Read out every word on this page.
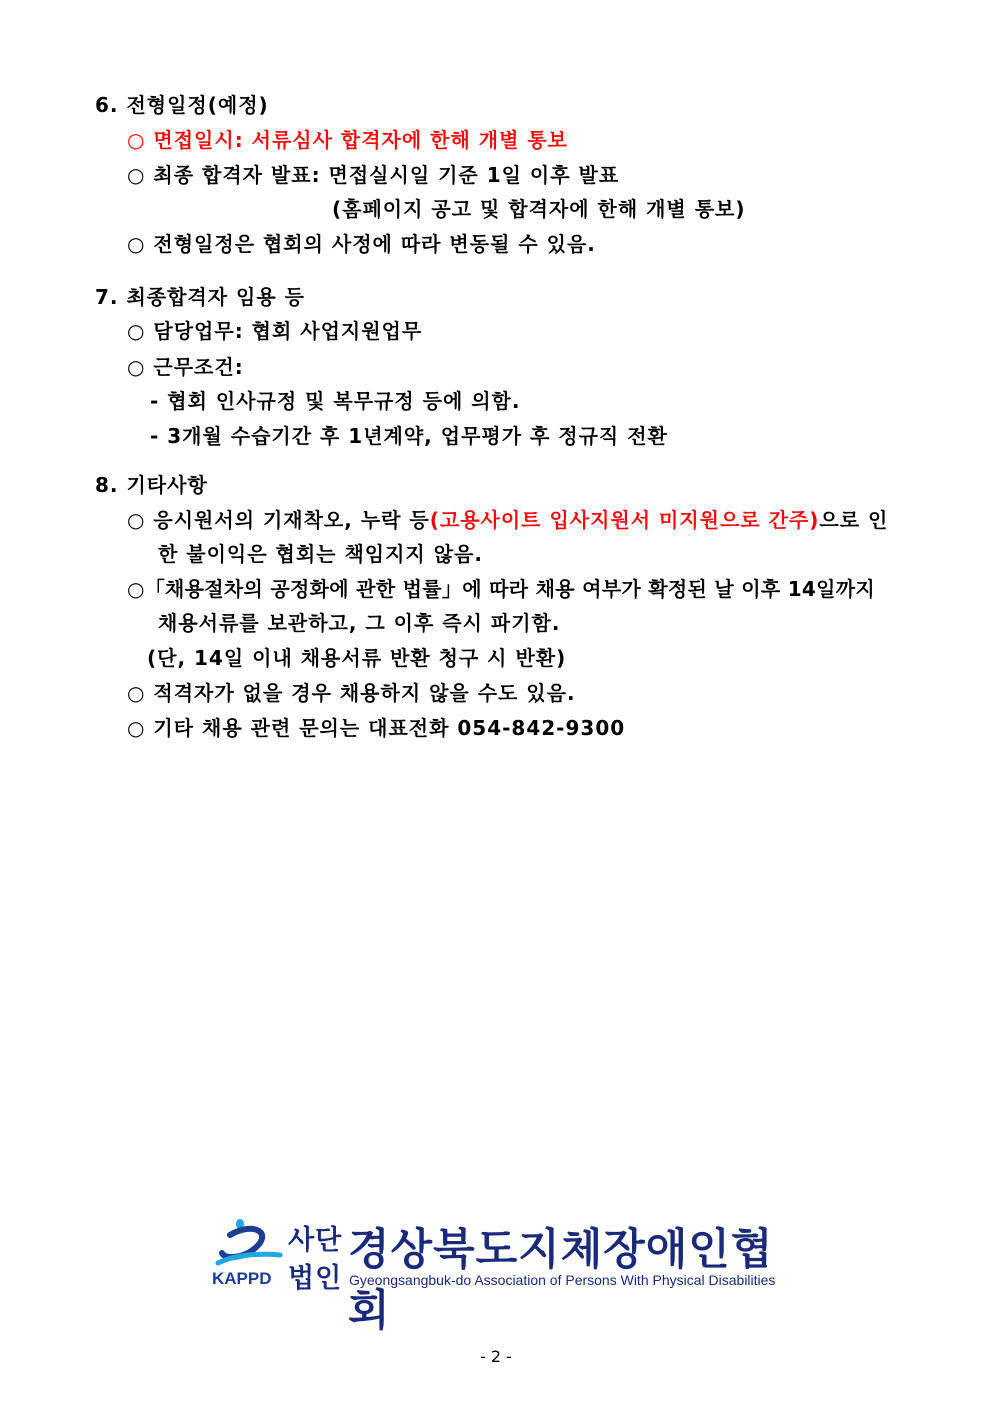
6. 전형일정(예정)
○ 면접일시: 서류심사 합격자에 한해 개별 통보
○ 최종 합격자 발표: 면접실시일 기준 1일 이후 발표
(홈페이지 공고 및 합격자에 한해 개별 통보)
○ 전형일정은 협회의 사정에 따라 변동될 수 있음.
7. 최종합격자 임용 등
○ 담당업무: 협회 사업지원업무
○ 근무조건:
- 협회 인사규정 및 복무규정 등에 의함.
- 3개월 수습기간 후 1년계약, 업무평가 후 정규직 전환
8. 기타사항
○ 응시원서의 기재착오, 누락 등(고용사이트 입사지원서 미지원으로 간주)으로 인
한 불이익은 협회는 책임지지 않음.
○「채용절차의 공정화에 관한 법률」에 따라 채용 여부가 확정된 날 이후 14일까지
채용서류를 보관하고, 그 이후 즉시 파기함.
(단, 14일 이내 채용서류 반환 청구 시 반환)
○ 적격자가 없을 경우 채용하지 않을 수도 있음.
○ 기타 채용 관련 문의는 대표전화 054-842-9300
KAPPD
사단
법인
경상북도지체장애인협회
Gyeongsangbuk-do Association of Persons With Physical Disabilities
- 2 -
